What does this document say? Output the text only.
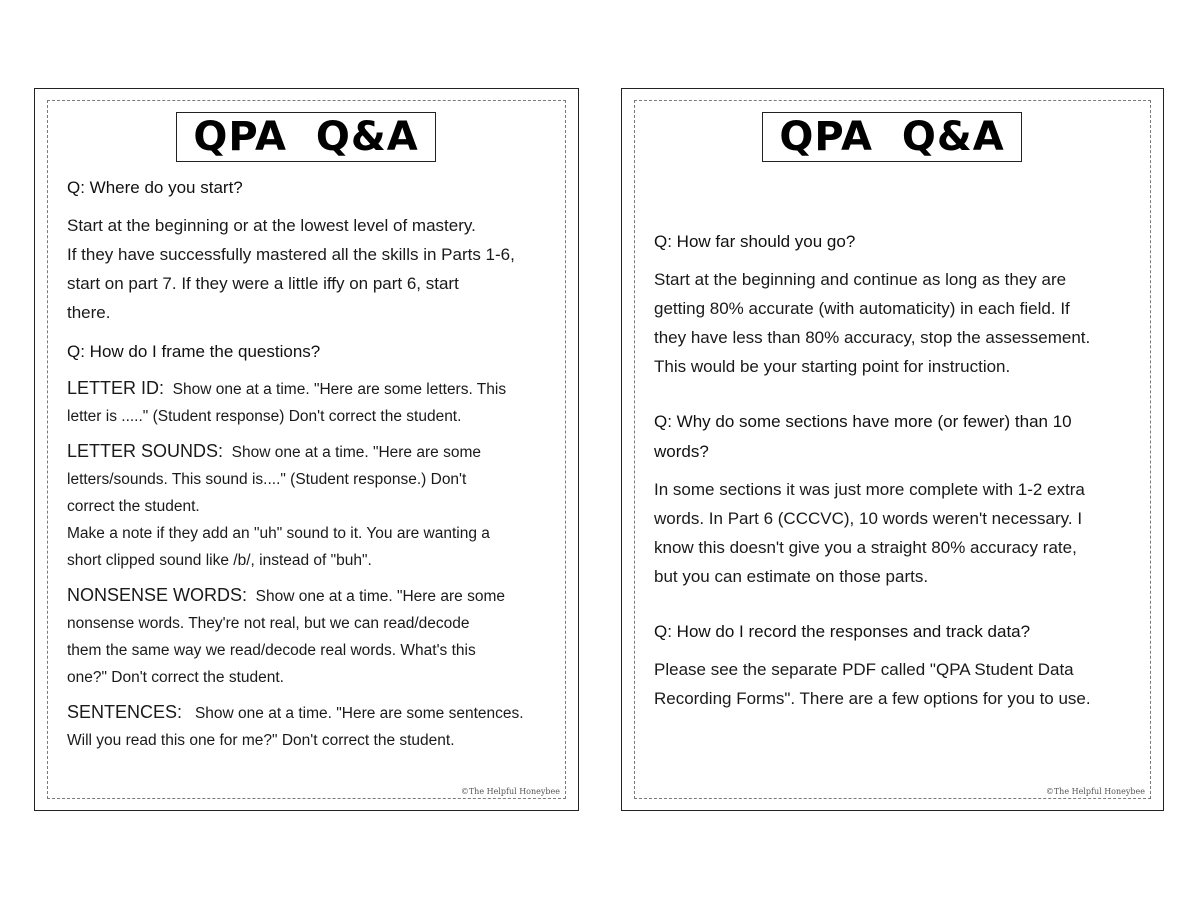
QPA Q&A
Q: Where do you start?
Start at the beginning or at the lowest level of mastery.
If they have successfully mastered all the skills in Parts 1-6,
start on part 7. If they were a little iffy on part 6, start
there.
Q: How do I frame the questions?
LETTER ID: Show one at a time. "Here are some letters. This
letter is ....." (Student response) Don't correct the student.
LETTER SOUNDS: Show one at a time. "Here are some
letters/sounds. This sound is...." (Student response.) Don't
correct the student.
Make a note if they add an "uh" sound to it. You are wanting a
short clipped sound like /b/, instead of "buh".
NONSENSE WORDS: Show one at a time. "Here are some
nonsense words. They're not real, but we can read/decode
them the same way we read/decode real words. What's this
one?" Don't correct the student.
SENTENCES: Show one at a time. "Here are some sentences.
Will you read this one for me?" Don't correct the student.
©The Helpful Honeybee
QPA Q&A
Q: How far should you go?
Start at the beginning and continue as long as they are
getting 80% accurate (with automaticity) in each field. If
they have less than 80% accuracy, stop the assessement.
This would be your starting point for instruction.
Q: Why do some sections have more (or fewer) than 10
words?
In some sections it was just more complete with 1-2 extra
words. In Part 6 (CCCVC), 10 words weren't necessary. I
know this doesn't give you a straight 80% accuracy rate,
but you can estimate on those parts.
Q: How do I record the responses and track data?
Please see the separate PDF called "QPA Student Data
Recording Forms". There are a few options for you to use.
©The Helpful Honeybee
